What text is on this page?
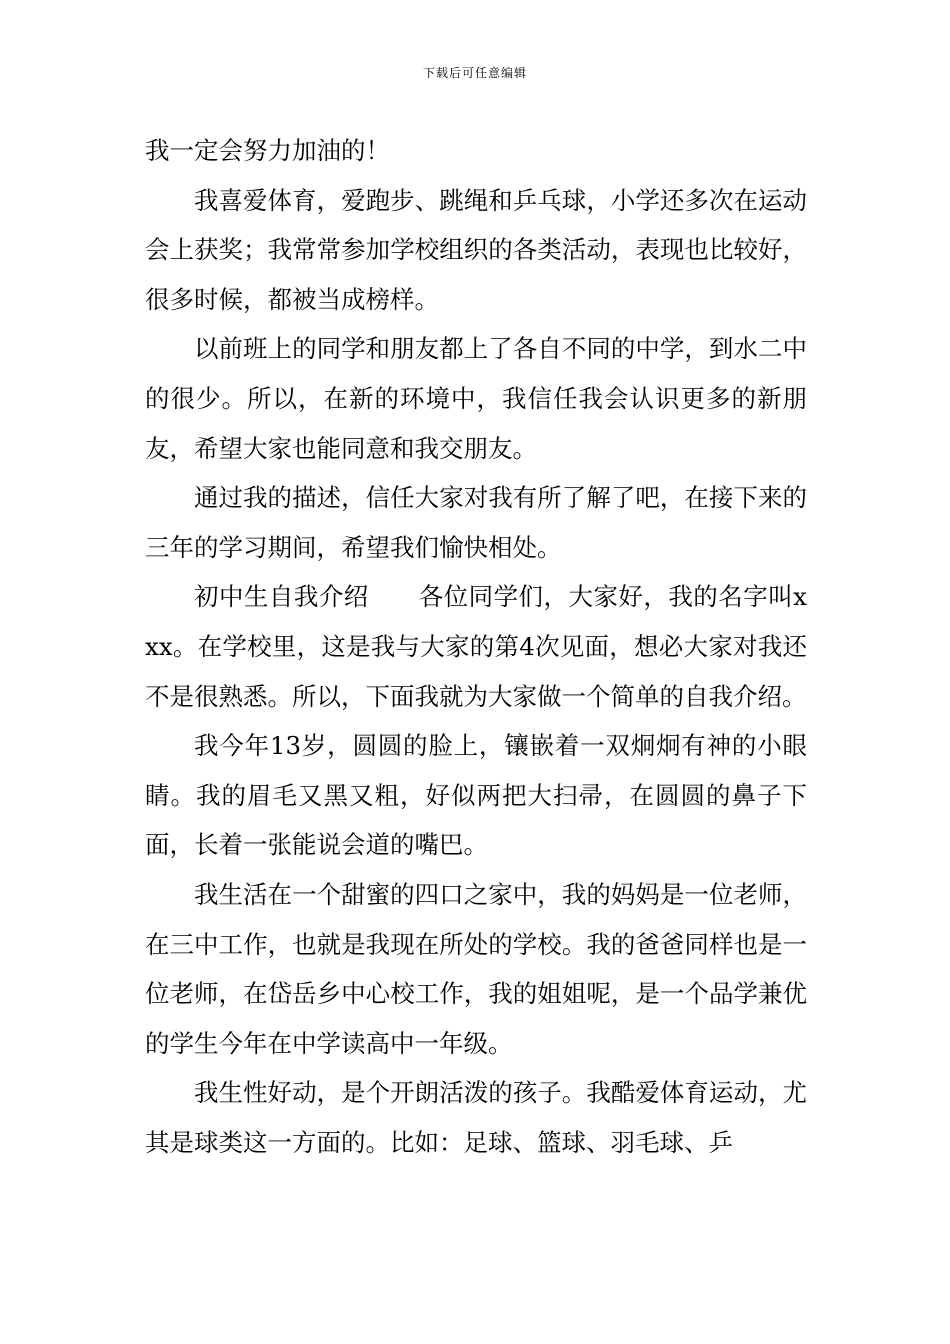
下载后可任意编辑

我一定会努力加油的！

我喜爱体育，爱跑步、跳绳和乒乓球，小学还多次在运动会上获奖；我常常参加学校组织的各类活动，表现也比较好，很多时候，都被当成榜样。

以前班上的同学和朋友都上了各自不同的中学，到水二中的很少。所以，在新的环境中，我信任我会认识更多的新朋友，希望大家也能同意和我交朋友。

通过我的描述，信任大家对我有所了解了吧，在接下来的三年的学习期间，希望我们愉快相处。

初中生自我介绍　　各位同学们，大家好，我的名字叫xxx。在学校里，这是我与大家的第4次见面，想必大家对我还不是很熟悉。所以，下面我就为大家做一个简单的自我介绍。

我今年13岁，圆圆的脸上，镶嵌着一双炯炯有神的小眼睛。我的眉毛又黑又粗，好似两把大扫帚，在圆圆的鼻子下面，长着一张能说会道的嘴巴。

我生活在一个甜蜜的四口之家中，我的妈妈是一位老师，在三中工作，也就是我现在所处的学校。我的爸爸同样也是一位老师，在岱岳乡中心校工作，我的姐姐呢，是一个品学兼优的学生今年在中学读高中一年级。

我生性好动，是个开朗活泼的孩子。我酷爱体育运动，尤其是球类这一方面的。比如：足球、篮球、羽毛球、乒
